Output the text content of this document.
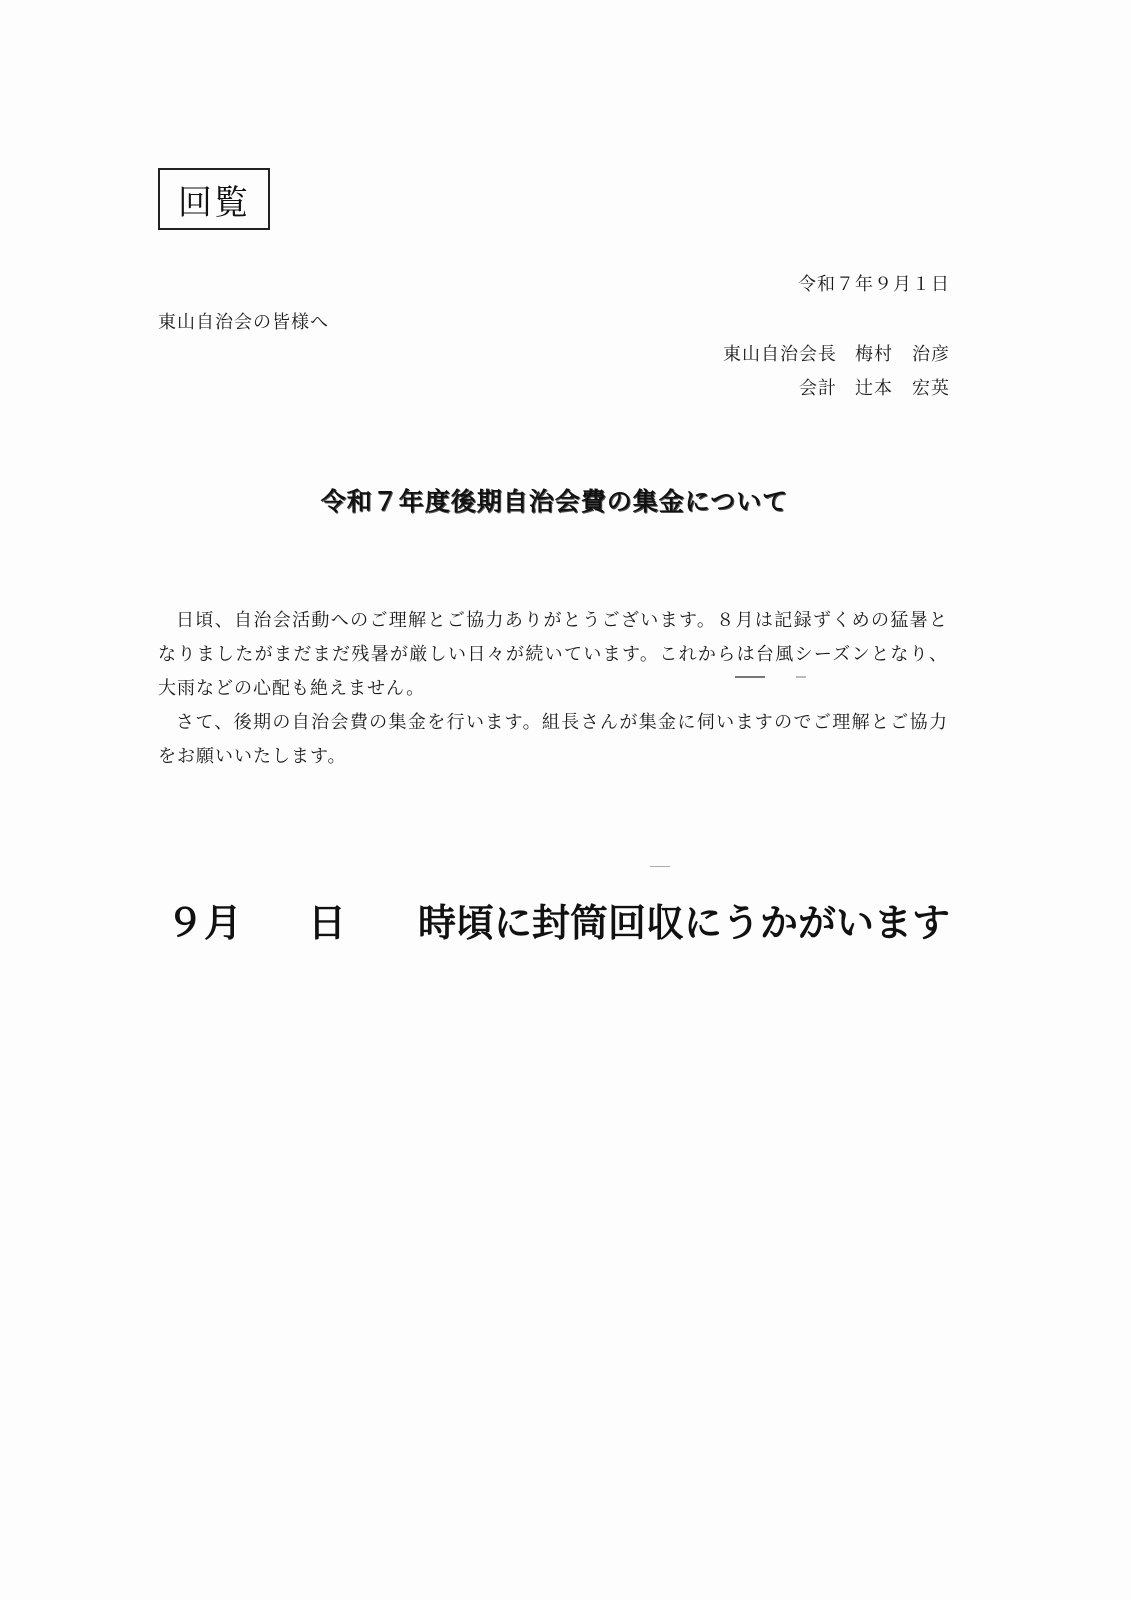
回覧
令和７年９月１日
東山自治会の皆様へ
東山自治会長 梅村　治彦
会計 辻本　宏英
令和７年度後期自治会費の集金について

日頃、自治会活動へのご理解とご協力ありがとうございます。８月は記録ずくめの猛暑となりましたがまだまだ残暑が厳しい日々が続いています。これからは台風シーズンとなり、大雨などの心配も絶えません。

さて、後期の自治会費の集金を行います。組長さんが集金に伺いますのでご理解とご協力をお願いいたします。

９月 日 時頃に封筒回収にうかがいます
